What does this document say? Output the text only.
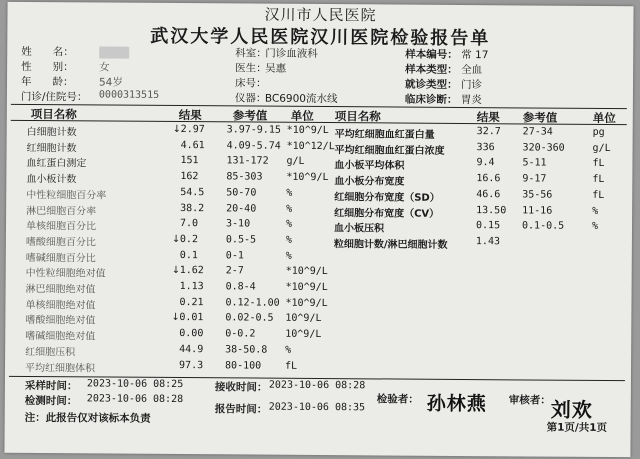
汉川市人民医院
武汉大学人民医院汉川医院检验报告单
姓　　名：
性　　别： 女
年　　龄： 54岁
门诊/住院号： 0000313515
科室：
门诊血液科
医生：
吴惠
床号：
仪器：
BC6900流水线
样本编号： 常 17
样本类型： 全血
就诊类型： 门诊
临床诊断： 胃炎
项目名称	结果	参考值 单位 项目名称	结果 参考值	单位
白细胞计数	↓ 2.97 3.97-9.15 *10^9/L
红细胞计数	4.61 4.09-5.74 *10^12/L
血红蛋白测定	151	131-172 g/L
血小板计数	162	85-303 *10^9/L
中性粒细胞百分率	54.5 50-70	%
淋巴细胞百分率	38.2 20-40	%
单核细胞百分比	7.0	3-10	%
嗜酸细胞百分比	↓ 0.2	0.5-5	%
嗜碱细胞百分比	0.1	0-1	%
中性粒细胞绝对值	↓ 1.62 2-7	*10^9/L
淋巴细胞绝对值	1.13 0.8-4	*10^9/L
单核细胞绝对值	0.21 0.12-1.00 *10^9/L
嗜酸细胞绝对值	↓ 0.01 0.02-0.5 10^9/L
嗜碱细胞绝对值	0.00 0-0.2	10^9/L
红细胞压积	44.9 38-50.8 %
平均红细胞体积	97.3 80-100 fL
平均红细胞血红蛋白量	32.7 27-34	pg
平均红细胞血红蛋白浓度	336	320-360	g/L
血小板平均体积	9.4	5-11	fL
血小板分布宽度	16.6 9-17	fL
红细胞分布宽度（SD）	46.6 35-56	fL
红细胞分布宽度（CV）	13.50 11-16	%
血小板压积	0.15 0.1-0.5	%
粒细胞计数/淋巴细胞计数	1.43
采样时间： 2023-10-06 08:25	接收时间： 2023-10-06 08:28
检测时间： 2023-10-06 08:28
报告时间： 2023-10-06 08:35
检验者： 孙林燕 审核者： 刘欢
注：此报告仅对该标本负责
第1页/共1页
